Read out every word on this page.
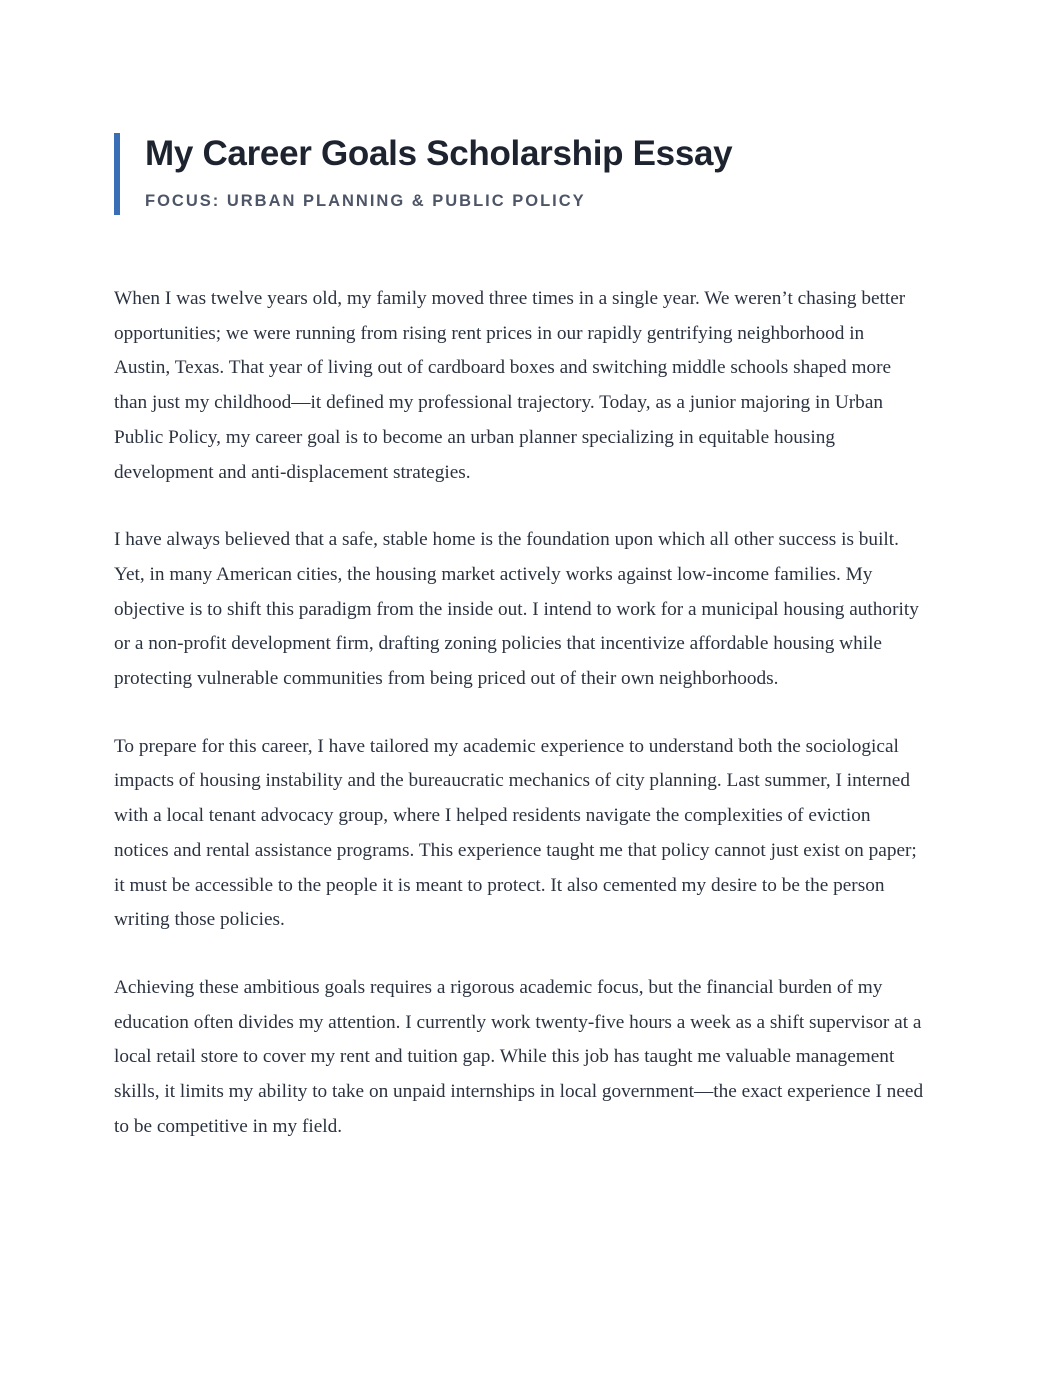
My Career Goals Scholarship Essay
FOCUS: URBAN PLANNING & PUBLIC POLICY

When I was twelve years old, my family moved three times in a single year. We weren’t chasing better opportunities; we were running from rising rent prices in our rapidly gentrifying neighborhood in Austin, Texas. That year of living out of cardboard boxes and switching middle schools shaped more than just my childhood—it defined my professional trajectory. Today, as a junior majoring in Urban Public Policy, my career goal is to become an urban planner specializing in equitable housing development and anti-displacement strategies.

I have always believed that a safe, stable home is the foundation upon which all other success is built. Yet, in many American cities, the housing market actively works against low-income families. My objective is to shift this paradigm from the inside out. I intend to work for a municipal housing authority or a non-profit development firm, drafting zoning policies that incentivize affordable housing while protecting vulnerable communities from being priced out of their own neighborhoods.

To prepare for this career, I have tailored my academic experience to understand both the sociological impacts of housing instability and the bureaucratic mechanics of city planning. Last summer, I interned with a local tenant advocacy group, where I helped residents navigate the complexities of eviction notices and rental assistance programs. This experience taught me that policy cannot just exist on paper; it must be accessible to the people it is meant to protect. It also cemented my desire to be the person writing those policies.

Achieving these ambitious goals requires a rigorous academic focus, but the financial burden of my education often divides my attention. I currently work twenty-five hours a week as a shift supervisor at a local retail store to cover my rent and tuition gap. While this job has taught me valuable management skills, it limits my ability to take on unpaid internships in local government—the exact experience I need to be competitive in my field.
